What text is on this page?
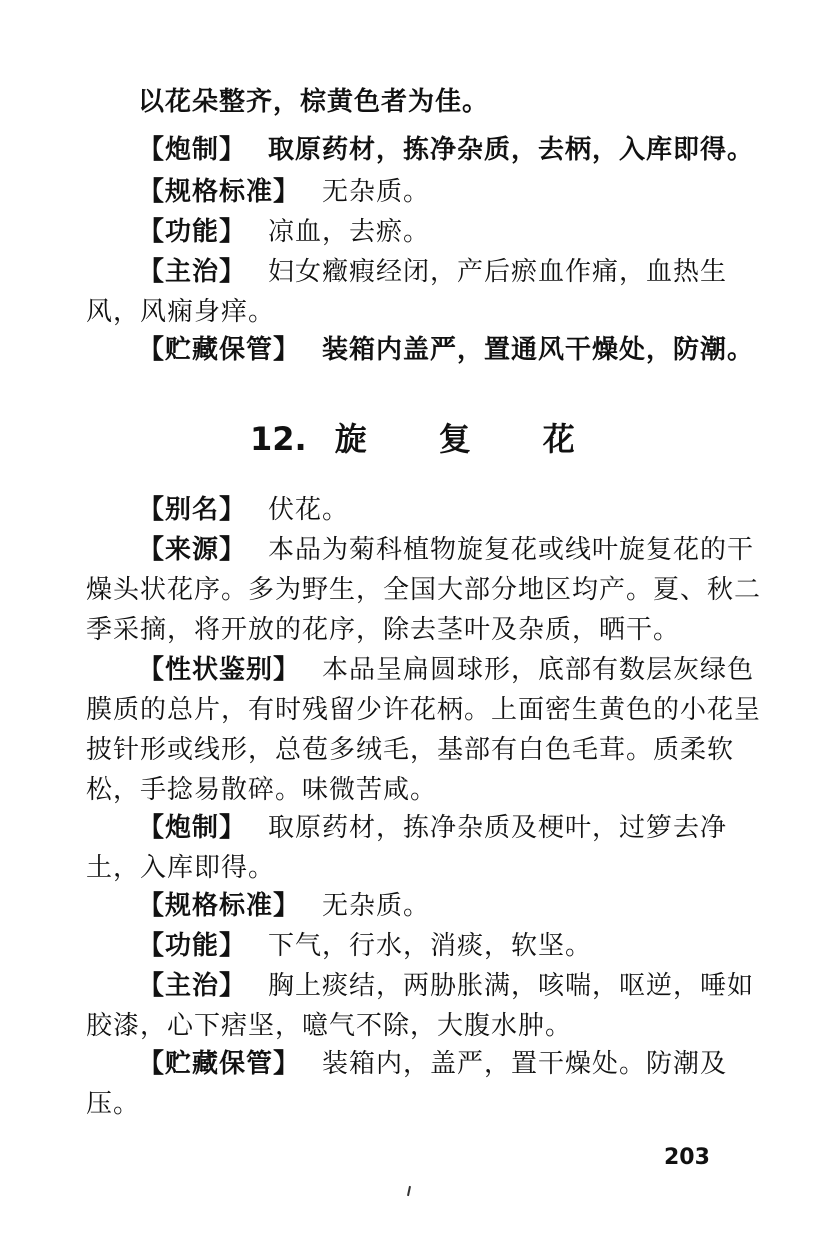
以花朵整齐，棕黄色者为佳。
【炮制】 取原药材，拣净杂质，去柄，入库即得。
【规格标准】 无杂质。
【功能】 凉血，去瘀。
【主治】 妇女癥瘕经闭，产后瘀血作痛，血热生风，风痫身痒。
【贮藏保管】 装箱内盖严，置通风干燥处，防潮。
12. 旋 复 花
【别名】 伏花。
【来源】 本品为菊科植物旋复花或线叶旋复花的干燥头状花序。多为野生，全国大部分地区均产。夏、秋二季采摘，将开放的花序，除去茎叶及杂质，晒干。
【性状鉴别】 本品呈扁圆球形，底部有数层灰绿色膜质的总片，有时残留少许花柄。上面密生黄色的小花呈披针形或线形，总苞多绒毛，基部有白色毛茸。质柔软松，手捻易散碎。味微苦咸。
【炮制】 取原药材，拣净杂质及梗叶，过箩去净土，入库即得。
【规格标准】 无杂质。
【功能】 下气，行水，消痰，软坚。
【主治】 胸上痰结，两胁胀满，咳喘，呕逆，唾如胶漆，心下痞坚，噫气不除，大腹水肿。
【贮藏保管】 装箱内，盖严，置干燥处。防潮及压。
203
